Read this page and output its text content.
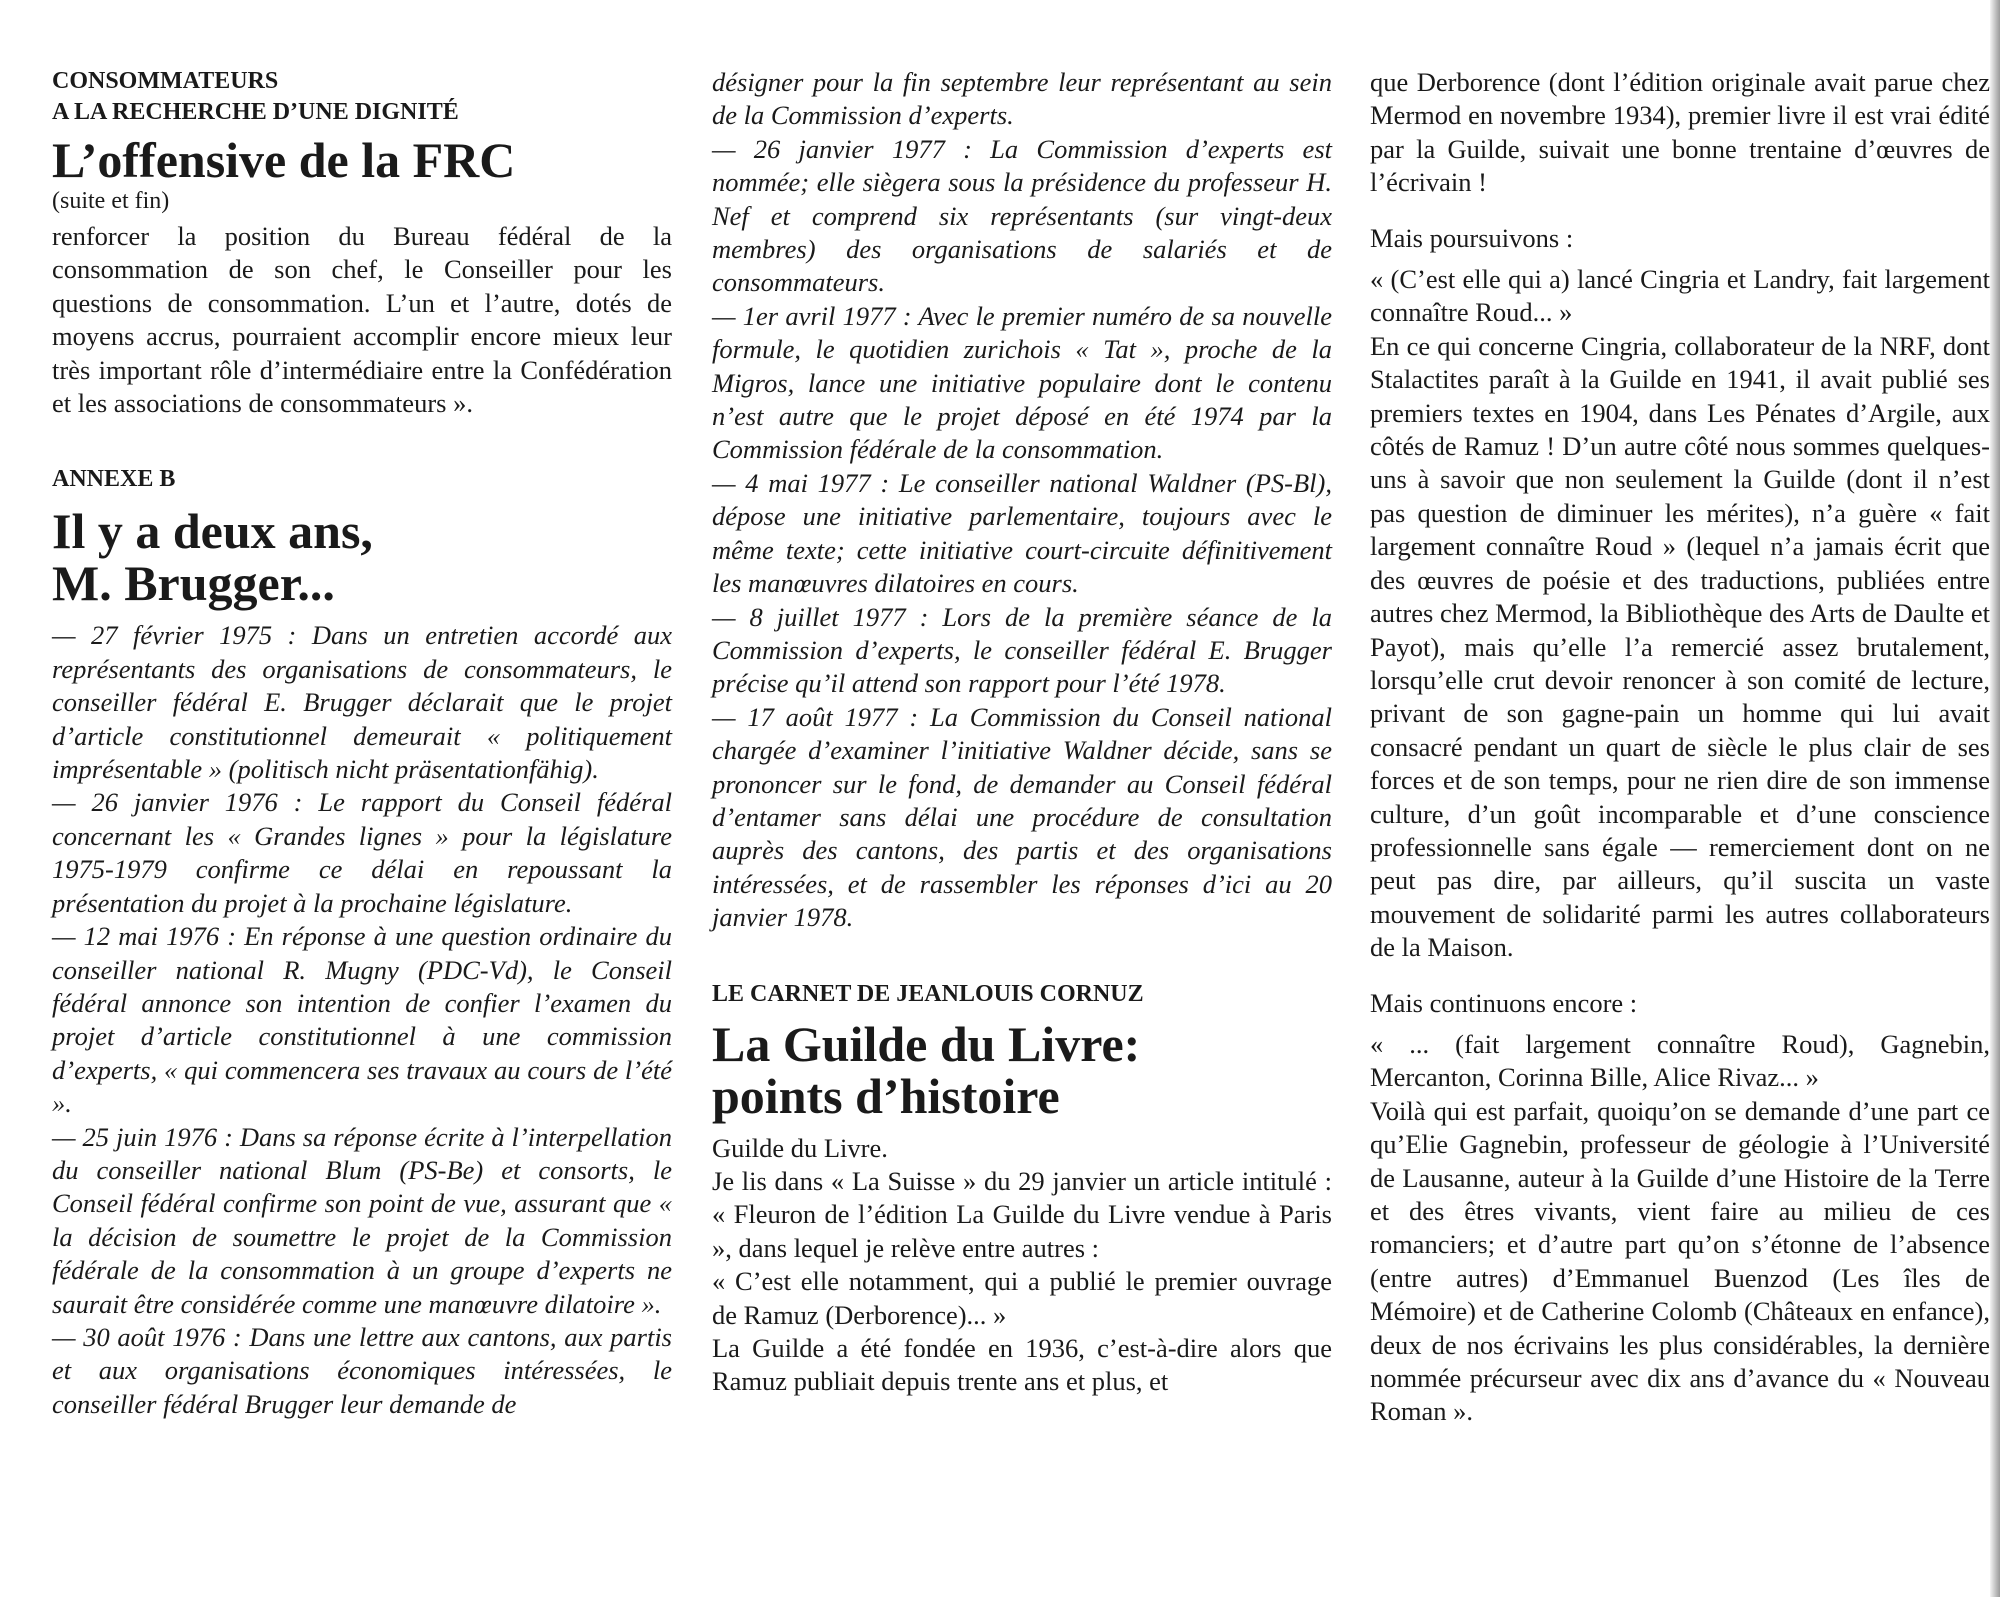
CONSOMMATEURS
A LA RECHERCHE D’UNE DIGNITÉ

L’offensive de la FRC

(suite et fin)

renforcer la position du Bureau fédéral de la consommation de son chef, le Conseiller pour les questions de consommation. L’un et l’autre, dotés de moyens accrus, pourraient accomplir encore mieux leur très important rôle d’intermédiaire entre la Confédération et les associations de consommateurs ».

ANNEXE B

Il y a deux ans,
M. Brugger...

— 27 février 1975 : Dans un entretien accordé aux représentants des organisations de consommateurs, le conseiller fédéral E. Brugger déclarait que le projet d’article constitutionnel demeurait « politiquement imprésentable » (politisch nicht präsentationfähig).

— 26 janvier 1976 : Le rapport du Conseil fédéral concernant les « Grandes lignes » pour la législature 1975-1979 confirme ce délai en repoussant la présentation du projet à la prochaine législature.

— 12 mai 1976 : En réponse à une question ordinaire du conseiller national R. Mugny (PDC-Vd), le Conseil fédéral annonce son intention de confier l’examen du projet d’article constitutionnel à une commission d’experts, « qui commencera ses travaux au cours de l’été ».

— 25 juin 1976 : Dans sa réponse écrite à l’interpellation du conseiller national Blum (PS-Be) et consorts, le Conseil fédéral confirme son point de vue, assurant que « la décision de soumettre le projet de la Commission fédérale de la consommation à un groupe d’experts ne saurait être considérée comme une manœuvre dilatoire ».

— 30 août 1976 : Dans une lettre aux cantons, aux partis et aux organisations économiques intéressées, le conseiller fédéral Brugger leur demande de

désigner pour la fin septembre leur représentant au sein de la Commission d’experts.

— 26 janvier 1977 : La Commission d’experts est nommée; elle siègera sous la présidence du professeur H. Nef et comprend six représentants (sur vingt-deux membres) des organisations de salariés et de consommateurs.

— 1er avril 1977 : Avec le premier numéro de sa nouvelle formule, le quotidien zurichois « Tat », proche de la Migros, lance une initiative populaire dont le contenu n’est autre que le projet déposé en été 1974 par la Commission fédérale de la consommation.

— 4 mai 1977 : Le conseiller national Waldner (PS-Bl), dépose une initiative parlementaire, toujours avec le même texte; cette initiative court-circuite définitivement les manœuvres dilatoires en cours.

— 8 juillet 1977 : Lors de la première séance de la Commission d’experts, le conseiller fédéral E. Brugger précise qu’il attend son rapport pour l’été 1978.

— 17 août 1977 : La Commission du Conseil national chargée d’examiner l’initiative Waldner décide, sans se prononcer sur le fond, de demander au Conseil fédéral d’entamer sans délai une procédure de consultation auprès des cantons, des partis et des organisations intéressées, et de rassembler les réponses d’ici au 20 janvier 1978.

LE CARNET DE JEANLOUIS CORNUZ

La Guilde du Livre:
points d’histoire

Guilde du Livre.

Je lis dans « La Suisse » du 29 janvier un article intitulé : « Fleuron de l’édition La Guilde du Livre vendue à Paris », dans lequel je relève entre autres :

« C’est elle notamment, qui a publié le premier ouvrage de Ramuz (Derborence)... »

La Guilde a été fondée en 1936, c’est-à-dire alors que Ramuz publiait depuis trente ans et plus, et

que Derborence (dont l’édition originale avait parue chez Mermod en novembre 1934), premier livre il est vrai édité par la Guilde, suivait une bonne trentaine d’œuvres de l’écrivain !

Mais poursuivons :

« (C’est elle qui a) lancé Cingria et Landry, fait largement connaître Roud... »

En ce qui concerne Cingria, collaborateur de la NRF, dont Stalactites paraît à la Guilde en 1941, il avait publié ses premiers textes en 1904, dans Les Pénates d’Argile, aux côtés de Ramuz ! D’un autre côté nous sommes quelques-uns à savoir que non seulement la Guilde (dont il n’est pas question de diminuer les mérites), n’a guère « fait largement connaître Roud » (lequel n’a jamais écrit que des œuvres de poésie et des traductions, publiées entre autres chez Mermod, la Bibliothèque des Arts de Daulte et Payot), mais qu’elle l’a remercié assez brutalement, lorsqu’elle crut devoir renoncer à son comité de lecture, privant de son gagne-pain un homme qui lui avait consacré pendant un quart de siècle le plus clair de ses forces et de son temps, pour ne rien dire de son immense culture, d’un goût incomparable et d’une conscience professionnelle sans égale — remerciement dont on ne peut pas dire, par ailleurs, qu’il suscita un vaste mouvement de solidarité parmi les autres collaborateurs de la Maison.

Mais continuons encore :

« ... (fait largement connaître Roud), Gagnebin, Mercanton, Corinna Bille, Alice Rivaz... »

Voilà qui est parfait, quoiqu’on se demande d’une part ce qu’Elie Gagnebin, professeur de géologie à l’Université de Lausanne, auteur à la Guilde d’une Histoire de la Terre et des êtres vivants, vient faire au milieu de ces romanciers; et d’autre part qu’on s’étonne de l’absence (entre autres) d’Emmanuel Buenzod (Les îles de Mémoire) et de Catherine Colomb (Châteaux en enfance), deux de nos écrivains les plus considérables, la dernière nommée précurseur avec dix ans d’avance du « Nouveau Roman ».
